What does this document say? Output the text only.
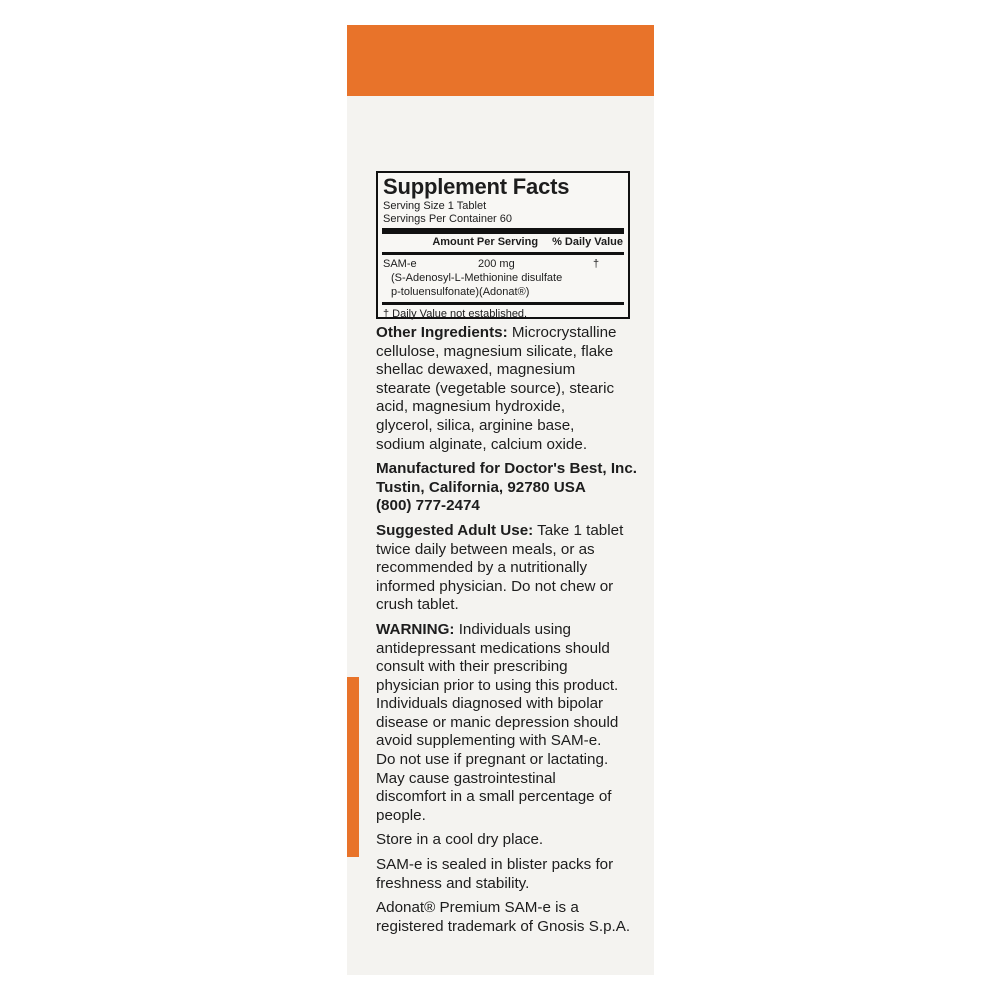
Supplement Facts
Serving Size 1 Tablet
Servings Per Container 60
Amount Per Serving % Daily Value
SAM-e	200 mg	†
(S-Adenosyl-L-Methionine disulfate
p-toluensulfonate)(Adonat®)
† Daily Value not established.

Other Ingredients: Microcrystalline
cellulose, magnesium silicate, flake
shellac dewaxed, magnesium
stearate (vegetable source), stearic
acid, magnesium hydroxide,
glycerol, silica, arginine base,
sodium alginate, calcium oxide.

Manufactured for Doctor's Best, Inc.
Tustin, California, 92780 USA
(800) 777-2474

Suggested Adult Use: Take 1 tablet
twice daily between meals, or as
recommended by a nutritionally
informed physician. Do not chew or
crush tablet.

WARNING: Individuals using
antidepressant medications should
consult with their prescribing
physician prior to using this product.
Individuals diagnosed with bipolar
disease or manic depression should
avoid supplementing with SAM-e.
Do not use if pregnant or lactating.
May cause gastrointestinal
discomfort in a small percentage of
people.

Store in a cool dry place.

SAM-e is sealed in blister packs for
freshness and stability.

Adonat® Premium SAM-e is a
registered trademark of Gnosis S.p.A.
